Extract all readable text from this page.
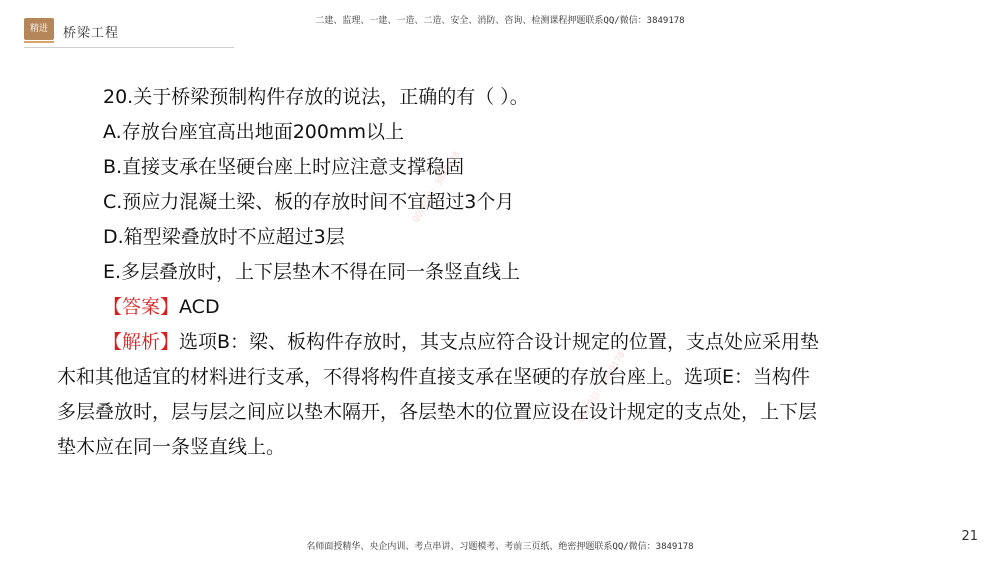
精进	桥梁工程
二建、监理、一建、一造、二造、安全、消防、咨询、检测课程押题联系QQ/微信：3849178
QQ/微信：3849178
QQ/微信：3849178
20.关于桥梁预制构件存放的说法，正确的有（ ）。
A.存放台座宜高出地面200mm以上
B.直接支承在坚硬台座上时应注意支撑稳固
C.预应力混凝土梁、板的存放时间不宜超过3个月
D.箱型梁叠放时不应超过3层
E.多层叠放时，上下层垫木不得在同一条竖直线上
【答案】ACD
【解析】选项B：梁、板构件存放时，其支点应符合设计规定的位置，支点处应采用垫
木和其他适宜的材料进行支承，不得将构件直接支承在坚硬的存放台座上。选项E：当构件
多层叠放时，层与层之间应以垫木隔开，各层垫木的位置应设在设计规定的支点处，上下层
垫木应在同一条竖直线上。
21
名师面授精华、央企内训、考点串讲、习题模考、考前三页纸、绝密押题联系QQ/微信：3849178
